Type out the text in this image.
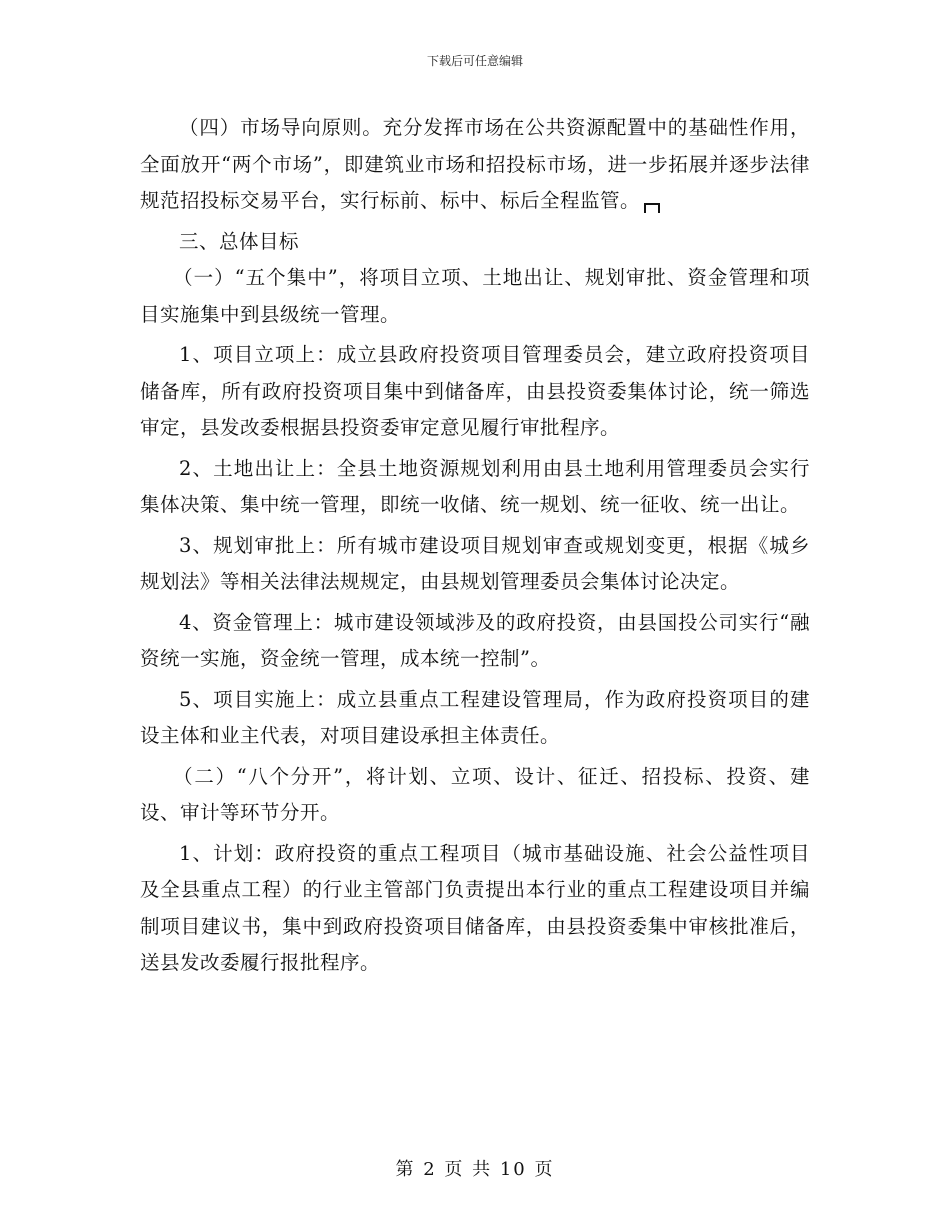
下载后可任意编辑

（四）市场导向原则。充分发挥市场在公共资源配置中的基础性作用，全面放开“两个市场”，即建筑业市场和招投标市场，进一步拓展并逐步法律规范招投标交易平台，实行标前、标中、标后全程监管。

三、总体目标

（一）“五个集中”，将项目立项、土地出让、规划审批、资金管理和项目实施集中到县级统一管理。

1、项目立项上：成立县政府投资项目管理委员会，建立政府投资项目储备库，所有政府投资项目集中到储备库，由县投资委集体讨论，统一筛选审定，县发改委根据县投资委审定意见履行审批程序。

2、土地出让上：全县土地资源规划利用由县土地利用管理委员会实行集体决策、集中统一管理，即统一收储、统一规划、统一征收、统一出让。

3、规划审批上：所有城市建设项目规划审查或规划变更，根据《城乡规划法》等相关法律法规规定，由县规划管理委员会集体讨论决定。

4、资金管理上：城市建设领域涉及的政府投资，由县国投公司实行“融资统一实施，资金统一管理，成本统一控制”。

5、项目实施上：成立县重点工程建设管理局，作为政府投资项目的建设主体和业主代表，对项目建设承担主体责任。

（二）“八个分开”，将计划、立项、设计、征迁、招投标、投资、建设、审计等环节分开。

1、计划：政府投资的重点工程项目（城市基础设施、社会公益性项目及全县重点工程）的行业主管部门负责提出本行业的重点工程建设项目并编制项目建议书，集中到政府投资项目储备库，由县投资委集中审核批准后，送县发改委履行报批程序。

第 2 页 共 10 页
